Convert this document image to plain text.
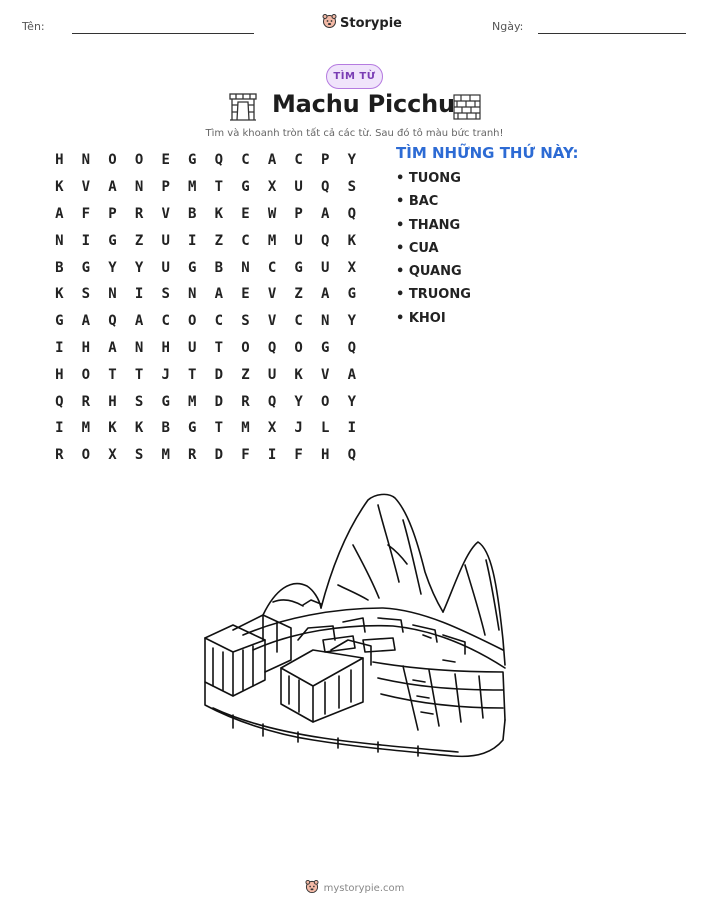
Tên:	Storypie	Ngày:
TÌM TỪ
Machu Picchu
Tìm và khoanh tròn tất cả các từ. Sau đó tô màu bức tranh!
H	N	O	O	E	G	Q	C	A	C	P	Y
K	V	A	N	P	M	T	G	X	U	Q	S
A	F	P	R	V	B	K	E	W	P	A	Q
N	I	G	Z	U	I	Z	C	M	U	Q	K
B	G	Y	Y	U	G	B	N	C	G	U	X
K	S	N	I	S	N	A	E	V	Z	A	G
G	A	Q	A	C	O	C	S	V	C	N	Y
I	H	A	N	H	U	T	O	Q	O	G	Q
H	O	T	T	J	T	D	Z	U	K	V	A
Q	R	H	S	G	M	D	R	Q	Y	O	Y
I	M	K	K	B	G	T	M	X	J	L	I
R	O	X	S	M	R	D	F	I	F	H	Q
TÌM NHỮNG THỨ NÀY:
• TUONG
• BAC
• THANG
• CUA
• QUANG
• TRUONG
• KHOI
mystorypie.com
